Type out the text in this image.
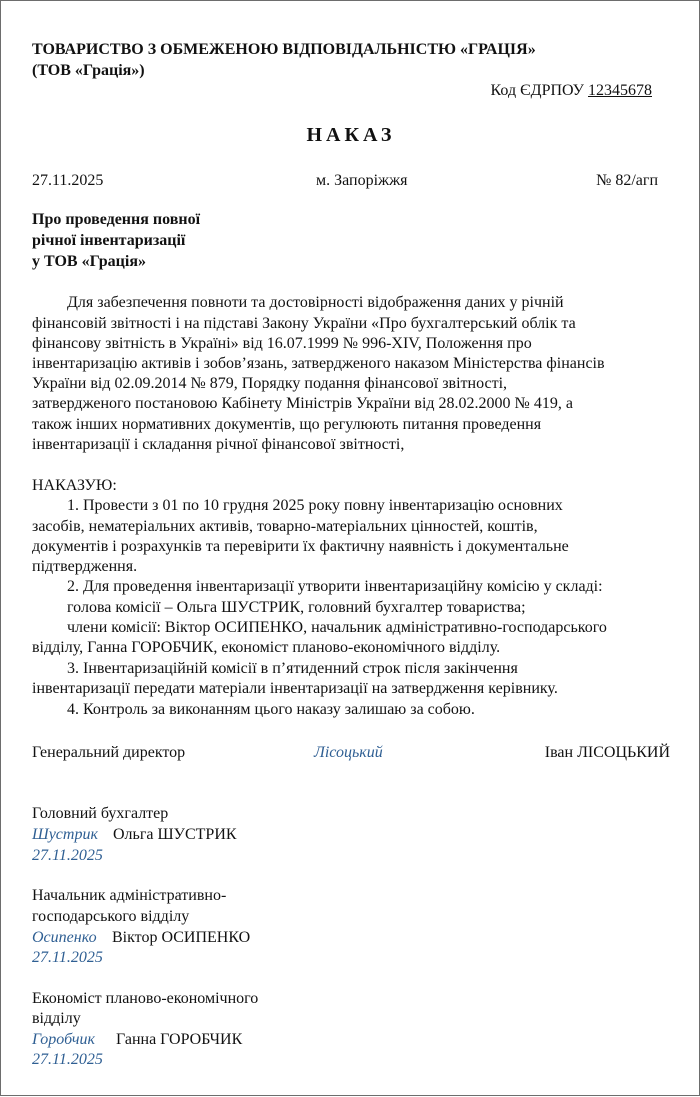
ТОВАРИСТВО З ОБМЕЖЕНОЮ ВІДПОВІДАЛЬНІСТЮ «ГРАЦІЯ»
(ТОВ «Грація»)
Код ЄДРПОУ 12345678
НАКАЗ
27.11.2025	м. Запоріжжя	№ 82/агп
Про проведення повної
річної інвентаризації
у ТОВ «Грація»
Для забезпечення повноти та достовірності відображення даних у річній
фінансовій звітності і на підставі Закону України «Про бухгалтерський облік та
фінансову звітність в Україні» від 16.07.1999 № 996-XIV, Положення про
інвентаризацію активів і зобов’язань, затвердженого наказом Міністерства фінансів
України від 02.09.2014 № 879, Порядку подання фінансової звітності,
затвердженого постановою Кабінету Міністрів України від 28.02.2000 № 419, а
також інших нормативних документів, що регулюють питання проведення
інвентаризації і складання річної фінансової звітності,
НАКАЗУЮ:
1. Провести з 01 по 10 грудня 2025 року повну інвентаризацію основних
засобів, нематеріальних активів, товарно-матеріальних цінностей, коштів,
документів і розрахунків та перевірити їх фактичну наявність і документальне
підтвердження.
2. Для проведення інвентаризації утворити інвентаризаційну комісію у складі:
голова комісії – Ольга ШУСТРИК, головний бухгалтер товариства;
члени комісії: Віктор ОСИПЕНКО, начальник адміністративно-господарського
відділу, Ганна ГОРОБЧИК, економіст планово-економічного відділу.
3. Інвентаризаційній комісії в п’ятиденний строк після закінчення
інвентаризації передати матеріали інвентаризації на затвердження керівнику.
4. Контроль за виконанням цього наказу залишаю за собою.
Генеральний директор	Лісоцький	Іван ЛІСОЦЬКИЙ
Головний бухгалтер
Шустрик Ольга ШУСТРИК
27.11.2025
Начальник адміністративно-
господарського відділу
Осипенко Віктор ОСИПЕНКО
27.11.2025
Економіст планово-економічного
відділу
Горобчик Ганна ГОРОБЧИК
27.11.2025
